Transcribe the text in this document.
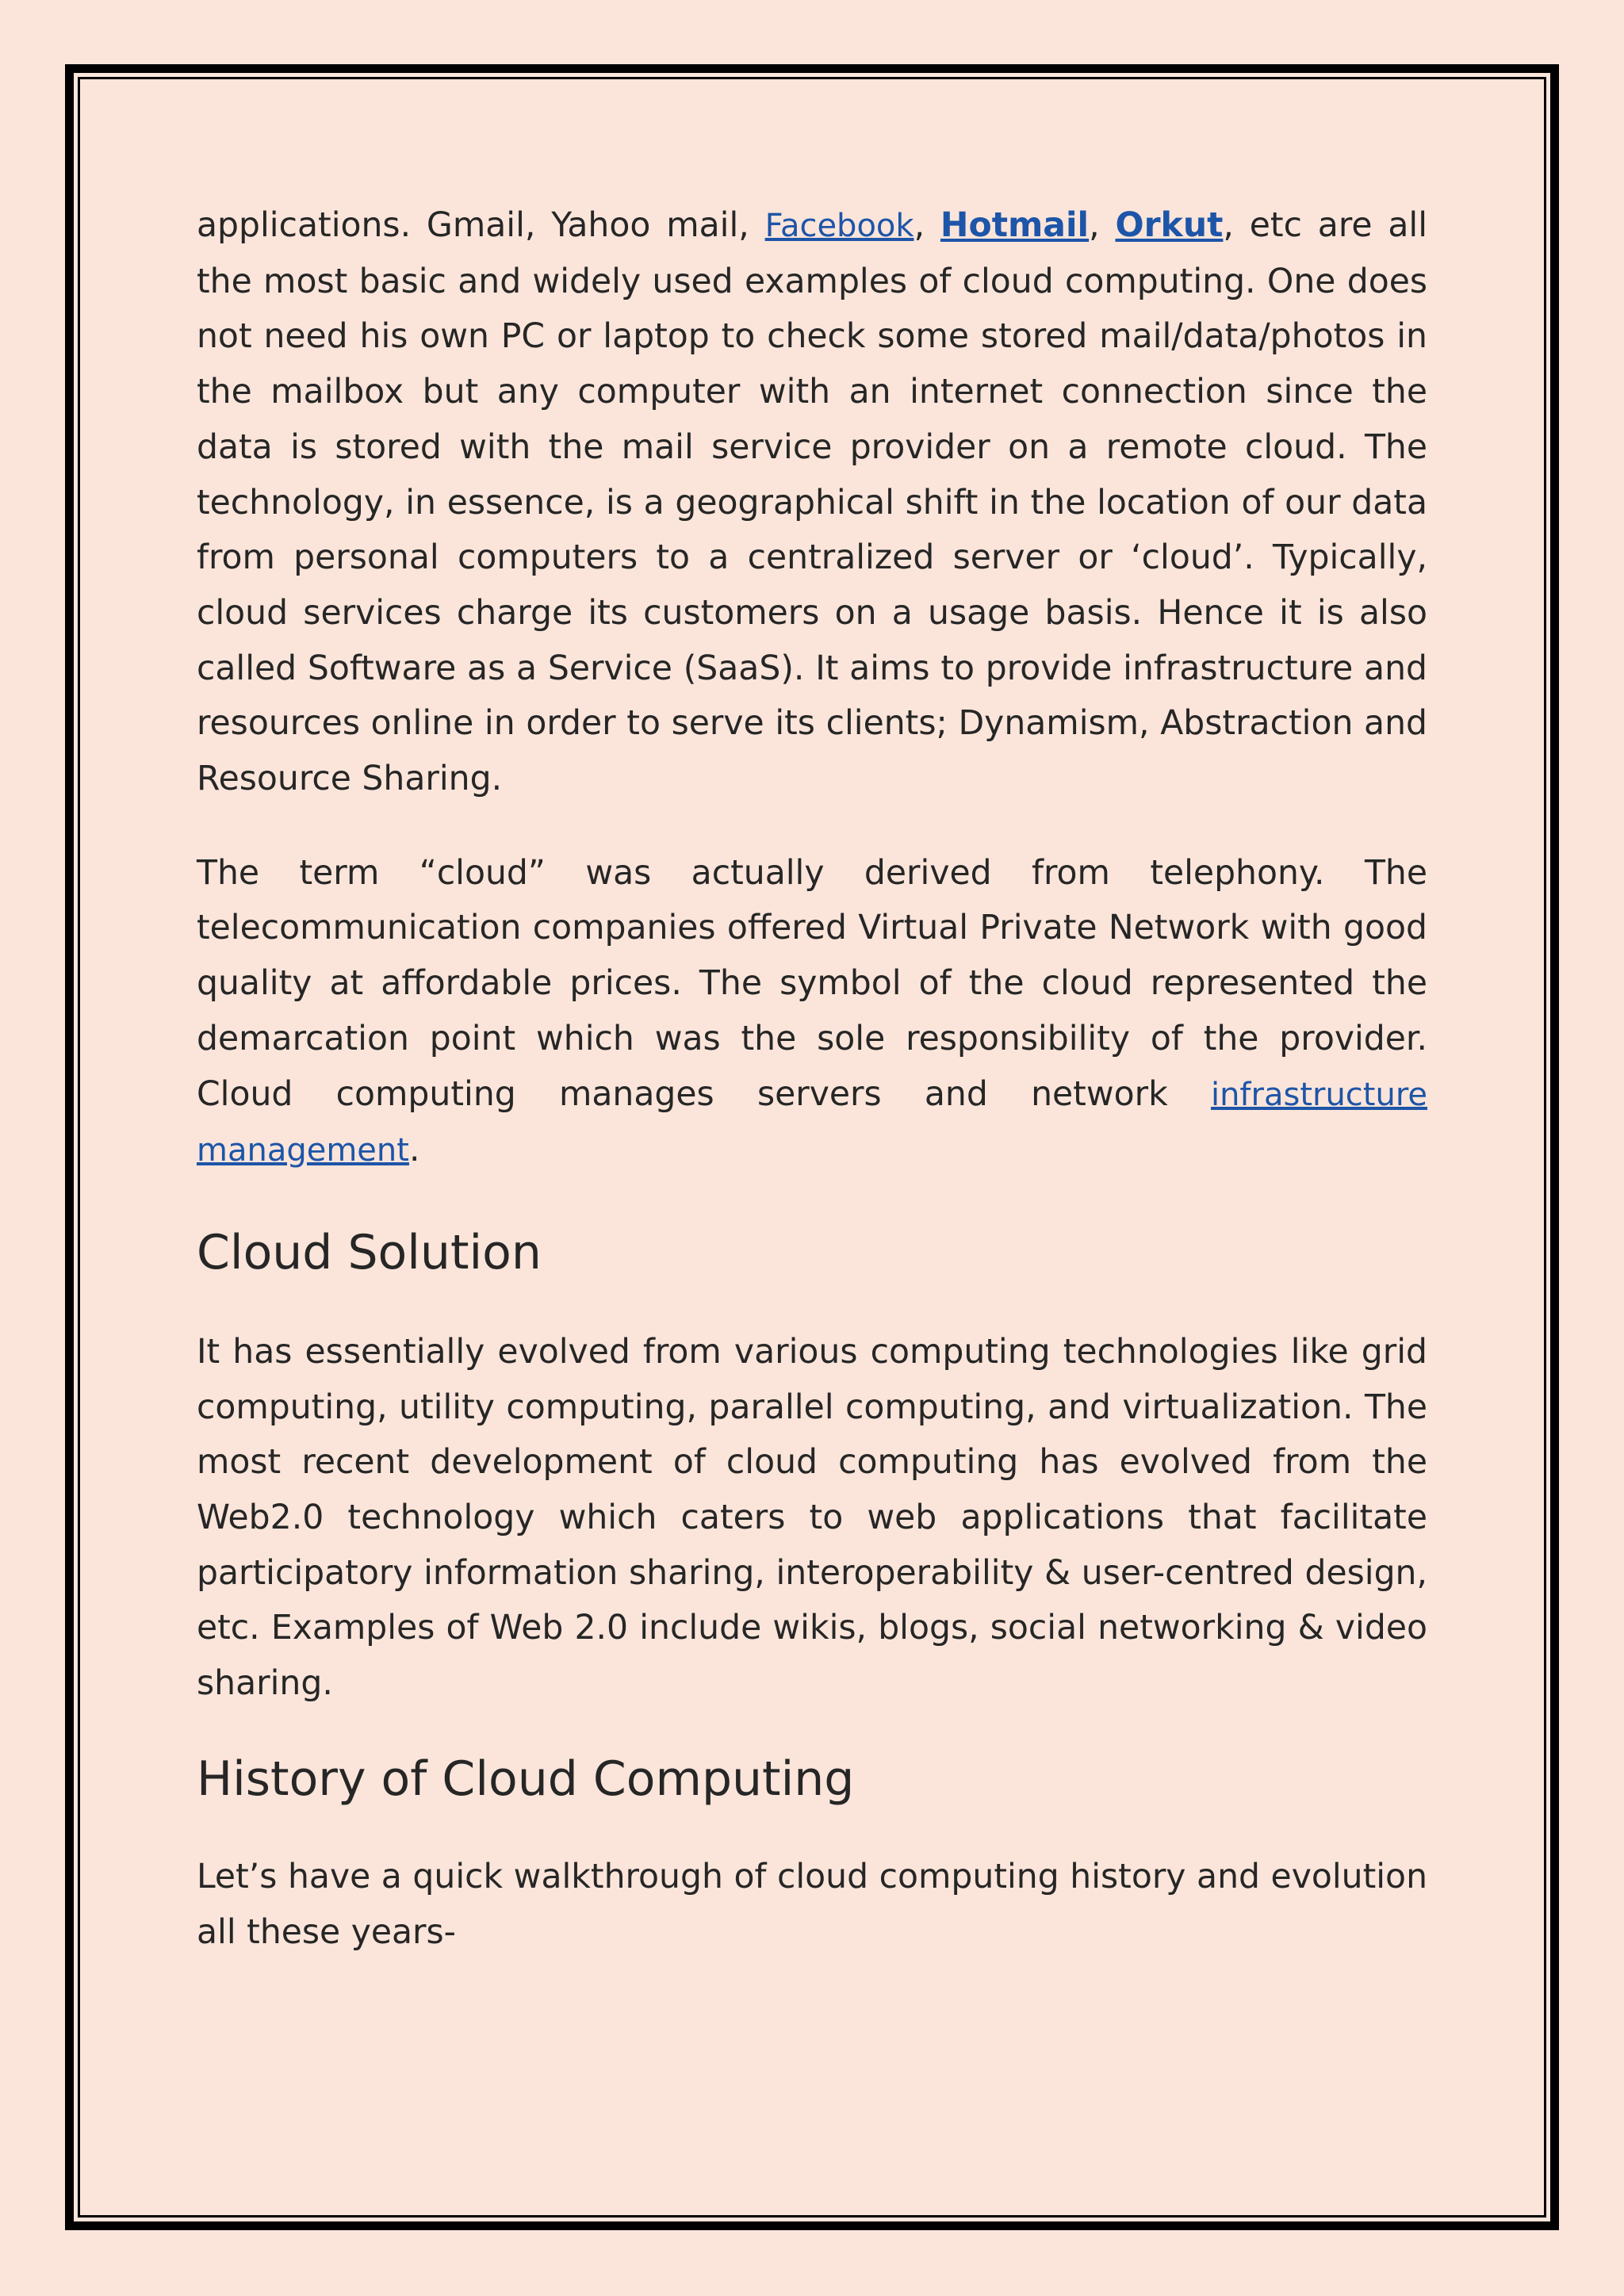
applications. Gmail, Yahoo mail, Facebook, Hotmail, Orkut, etc are all the most basic and widely used examples of cloud computing. One does not need his own PC or laptop to check some stored mail/data/photos in the mailbox but any computer with an internet connection since the data is stored with the mail service provider on a remote cloud. The technology, in essence, is a geographical shift in the location of our data from personal computers to a centralized server or ‘cloud’. Typically, cloud services charge its customers on a usage basis. Hence it is also called Software as a Service (SaaS). It aims to provide infrastructure and resources online in order to serve its clients; Dynamism, Abstraction and Resource Sharing.

The term “cloud” was actually derived from telephony. The telecommunication companies offered Virtual Private Network with good quality at affordable prices. The symbol of the cloud represented the demarcation point which was the sole responsibility of the provider. Cloud computing manages servers and network infrastructure management.

Cloud Solution

It has essentially evolved from various computing technologies like grid computing, utility computing, parallel computing, and virtualization. The most recent development of cloud computing has evolved from the Web2.0 technology which caters to web applications that facilitate participatory information sharing, interoperability & user-centred design, etc. Examples of Web 2.0 include wikis, blogs, social networking & video sharing.

History of Cloud Computing

Let’s have a quick walkthrough of cloud computing history and evolution all these years-
